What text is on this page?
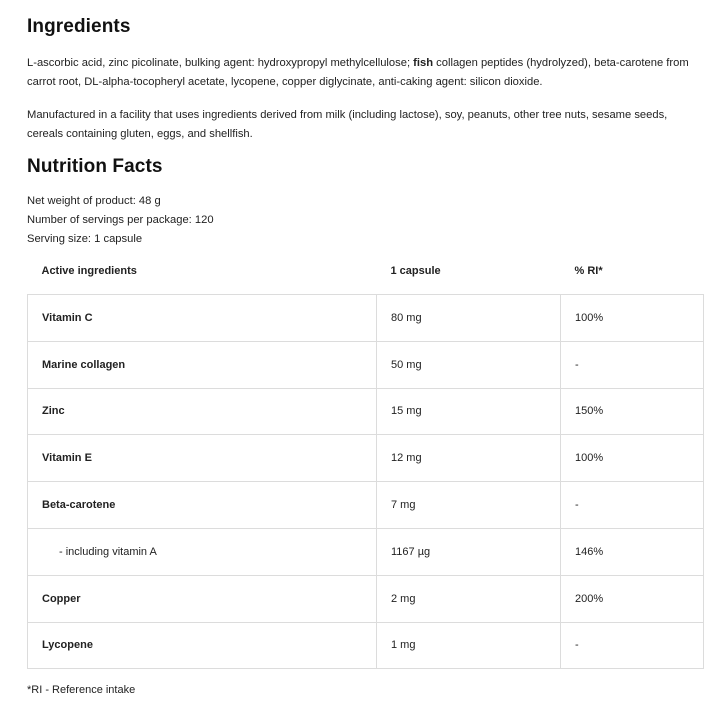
Ingredients

L-ascorbic acid, zinc picolinate, bulking agent: hydroxypropyl methylcellulose; fish collagen peptides (hydrolyzed), beta-carotene from carrot root, DL-alpha-tocopheryl acetate, lycopene, copper diglycinate, anti-caking agent: silicon dioxide.

Manufactured in a facility that uses ingredients derived from milk (including lactose), soy, peanuts, other tree nuts, sesame seeds, cereals containing gluten, eggs, and shellfish.

Nutrition Facts
Net weight of product: 48 g
Number of servings per package: 120
Serving size: 1 capsule
Active ingredients	1 capsule	% RI*
Vitamin C	80 mg	100%
Marine collagen	50 mg	-
Zinc	15 mg	150%
Vitamin E	12 mg	100%
Beta-carotene	7 mg	-
- including vitamin A	1167 µg	146%
Copper	2 mg	200%
Lycopene	1 mg	-
*RI - Reference intake
